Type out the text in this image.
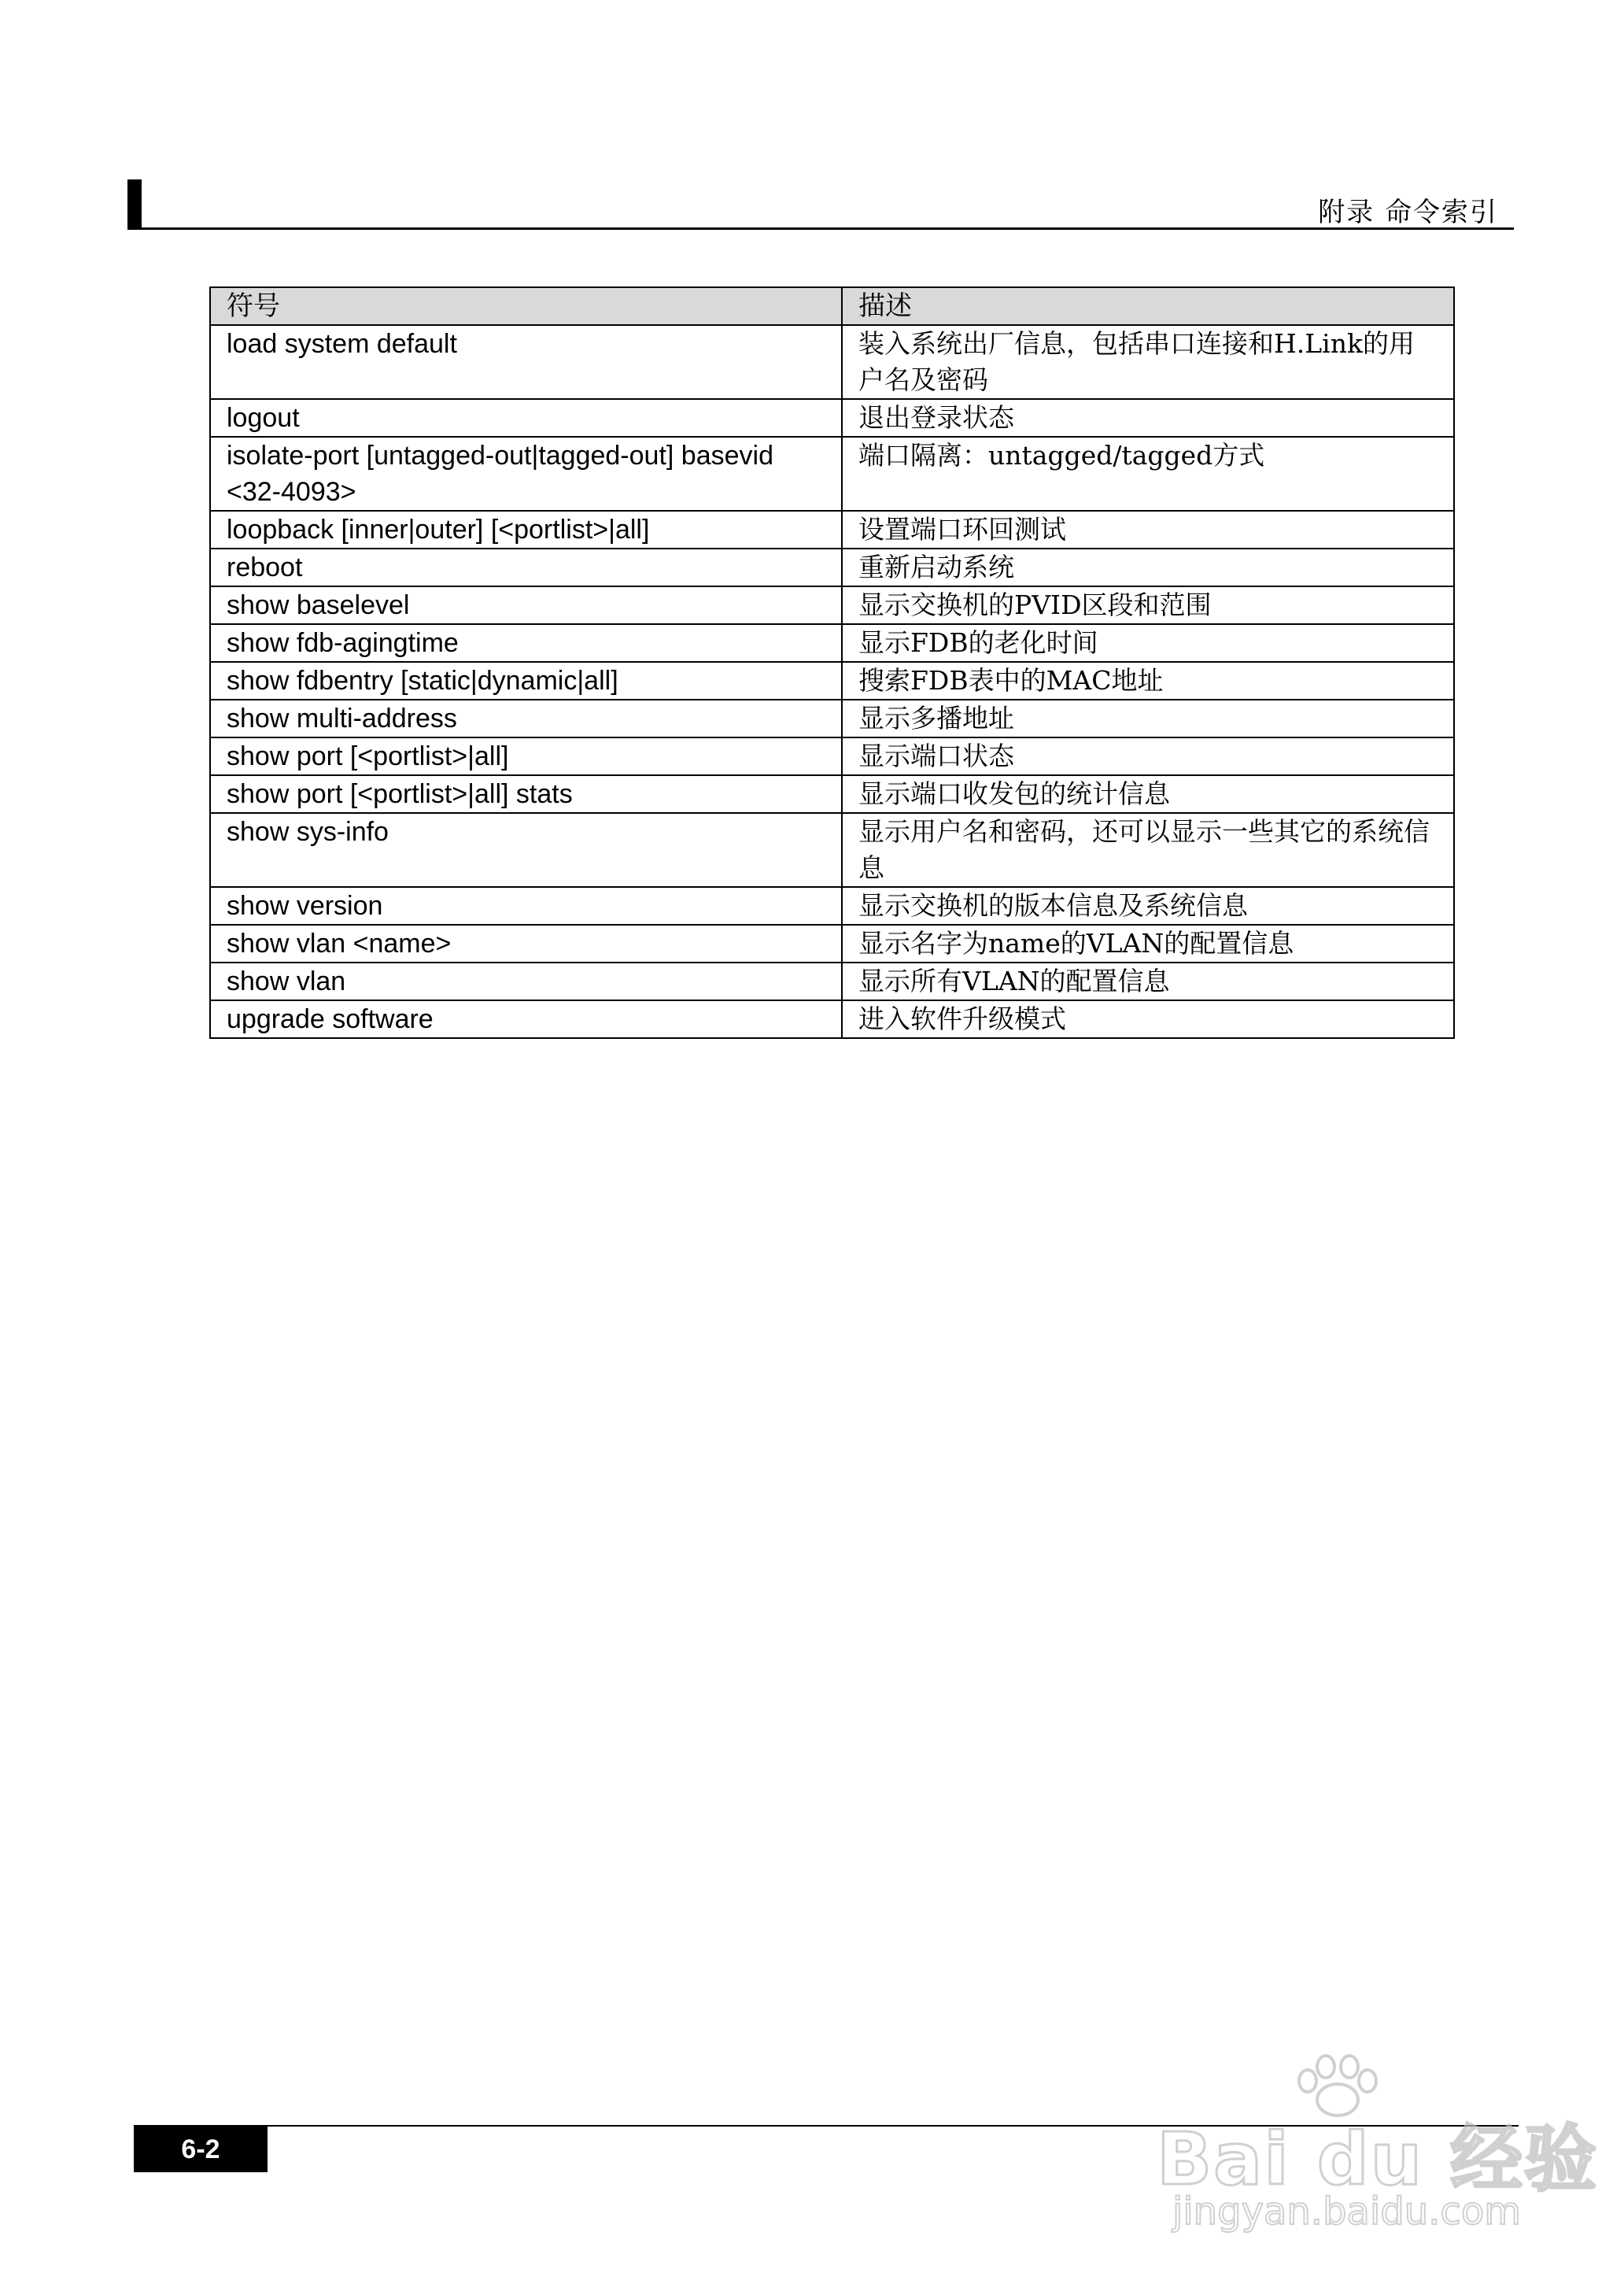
附录 命令索引
符号	描述
load system default	装入系统出厂信息，包括串口连接和H.Link的用户名及密码
logout	退出登录状态
isolate-port [untagged-out|tagged-out] basevid <32-4093>	端口隔离：untagged/tagged方式
loopback [inner|outer] [<portlist>|all]	设置端口环回测试
reboot	重新启动系统
show baselevel	显示交换机的PVID区段和范围
show fdb-agingtime	显示FDB的老化时间
show fdbentry [static|dynamic|all]	搜索FDB表中的MAC地址
show multi-address	显示多播地址
show port [<portlist>|all]	显示端口状态
show port [<portlist>|all] stats	显示端口收发包的统计信息
show sys-info	显示用户名和密码，还可以显示一些其它的系统信息
show version	显示交换机的版本信息及系统信息
show vlan <name>	显示名字为name的VLAN的配置信息
show vlan	显示所有VLAN的配置信息
upgrade software	进入软件升级模式
6-2	Bai du 经验
jingyan.baidu.com
